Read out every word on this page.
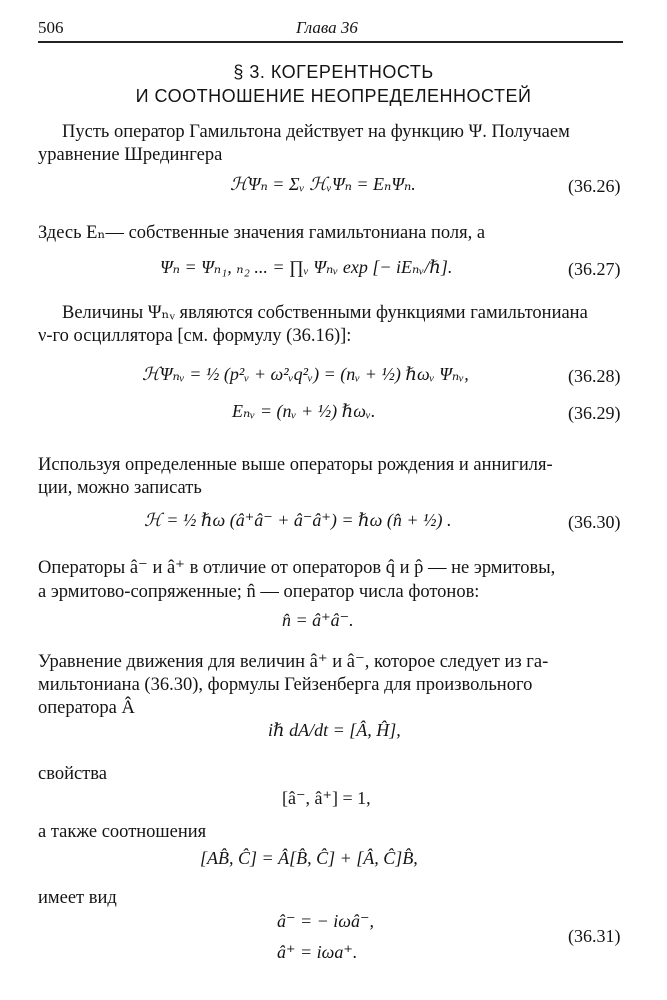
506	Глава 36
§ 3. КОГЕРЕНТНОСТЬ
И СООТНОШЕНИЕ НЕОПРЕДЕЛЕННОСТЕЙ
Пусть оператор Гамильтона действует на функцию Ψ. Получаем
уравнение Шредингера
ℋΨₙ = Σᵥ ℋᵥΨₙ = EₙΨₙ.	(36.26)
Здесь Eₙ— собственные значения гамильтониана поля, а
Ψₙ = Ψₙ₁, ₙ₂ ... = ∏ᵥ Ψₙᵥ exp [− iEₙᵥ/ℏ].	(36.27)
Величины Ψₙᵥ являются собственными функциями гамильтониана
ν-го осциллятора [см. формулу (36.16)]:
ℋΨₙᵥ = ½ (p²ᵥ + ω²ᵥq²ᵥ) = (nᵥ + ½) ℏωᵥ Ψₙᵥ,	(36.28)
Eₙᵥ = (nᵥ + ½) ℏωᵥ.	(36.29)
Используя определенные выше операторы рождения и аннигиля-
ции, можно записать
ℋ = ½ ℏω (â⁺â⁻ + â⁻â⁺) = ℏω (n̂ + ½) .	(36.30)
Операторы â⁻ и â⁺ в отличие от операторов q̂ и p̂ — не эрмитовы,
а эрмитово-сопряженные; n̂ — оператор числа фотонов:
n̂ = â⁺â⁻.
Уравнение движения для величин â⁺ и â⁻, которое следует из га-
мильтониана (36.30), формулы Гейзенберга для произвольного
оператора Â
iℏ dA/dt = [Â, Ĥ],
свойства
[â⁻, â⁺] = 1,
а также соотношения
[AB̂, Ĉ] = Â[B̂, Ĉ] + [Â, Ĉ]B̂,
имеет вид
â⁻ = − iωâ⁻,
â⁺ = iωa⁺.
(36.31)
